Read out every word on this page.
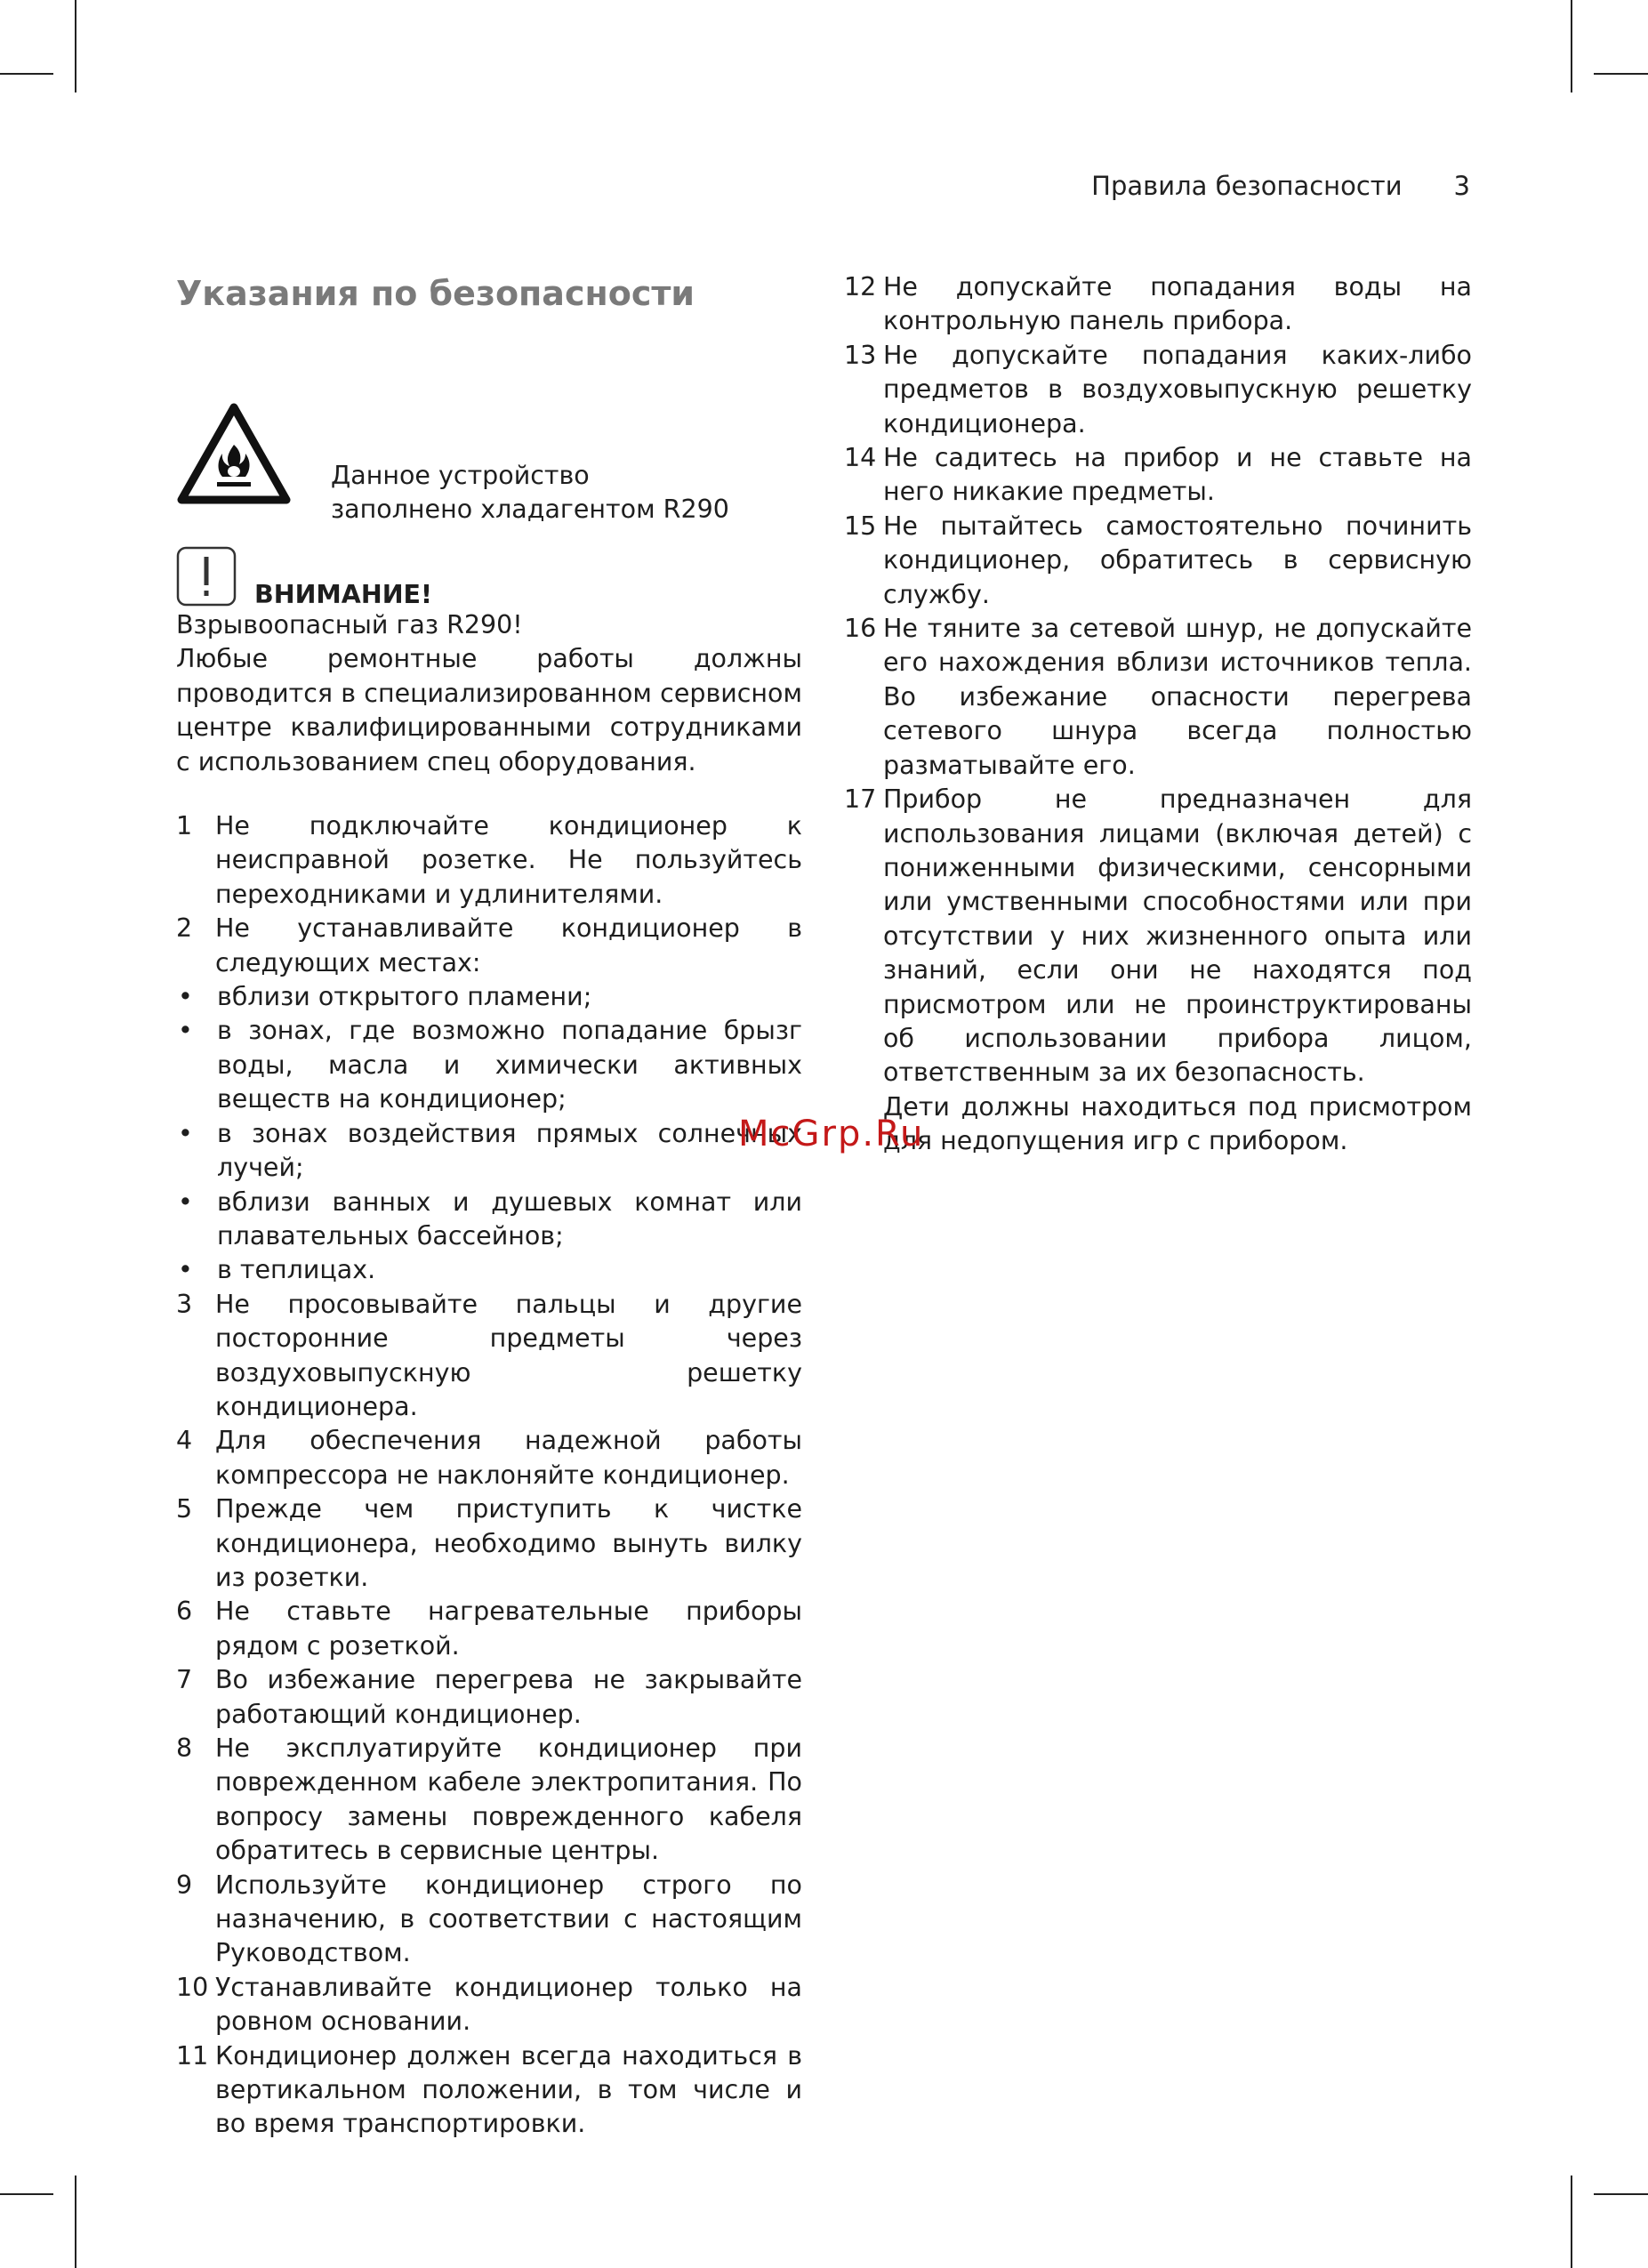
Правила безопасности 3
Указания по безопасности
Данное устройство
заполнено хладагентом R290
ВНИМАНИЕ!
Взрывоопасный газ R290!
Любые ремонтные работы должны проводится в специализированном сервисном центре квалифицированными сотрудниками с использованием спец оборудования.
1 Не подключайте кондиционер к неисправной розетке. Не пользуйтесь переходниками и удлинителями.
2 Не устанавливайте кондиционер в следующих местах:
• вблизи открытого пламени;
• в зонах, где возможно попадание брызг воды, масла и химически активных веществ на кондиционер;
• в зонах воздействия прямых солнечных лучей;
• вблизи ванных и душевых комнат или плавательных бассейнов;
• в теплицах.
3 Не просовывайте пальцы и другие посторонние предметы через воздуховыпускную решетку кондиционера.
4 Для обеспечения надежной работы компрессора не наклоняйте кондиционер.
5 Прежде чем приступить к чистке кондиционера, необходимо вынуть вилку из розетки.
6 Не ставьте нагревательные приборы рядом с розеткой.
7 Во избежание перегрева не закрывайте работающий кондиционер.
8 Не эксплуатируйте кондиционер при поврежденном кабеле электропитания. По вопросу замены поврежденного кабеля обратитесь в сервисные центры.
9 Используйте кондиционер строго по назначению, в соответствии с настоящим Руководством.
10 Устанавливайте кондиционер только на ровном основании.
11 Кондиционер должен всегда находиться в вертикальном положении, в том числе и во время транспортировки.
12 Не допускайте попадания воды на контрольную панель прибора.
13 Не допускайте попадания каких-либо предметов в воздуховыпускную решетку кондиционера.
14 Не садитесь на прибор и не ставьте на него никакие предметы.
15 Не пытайтесь самостоятельно починить кондиционер, обратитесь в сервисную службу.
16 Не тяните за сетевой шнур, не допускайте его нахождения вблизи источников тепла. Во избежание опасности перегрева сетевого шнура всегда полностью разматывайте его.
17 Прибор не предназначен для использования лицами (включая детей) с пониженными физическими, сенсорными или умственными способностями или при отсутствии у них жизненного опыта или знаний, если они не находятся под присмотром или не проинструктированы об использовании прибора лицом, ответственным за их безопасность.
Дети должны находиться под присмотром для недопущения игр с прибором.
McGrp.Ru
